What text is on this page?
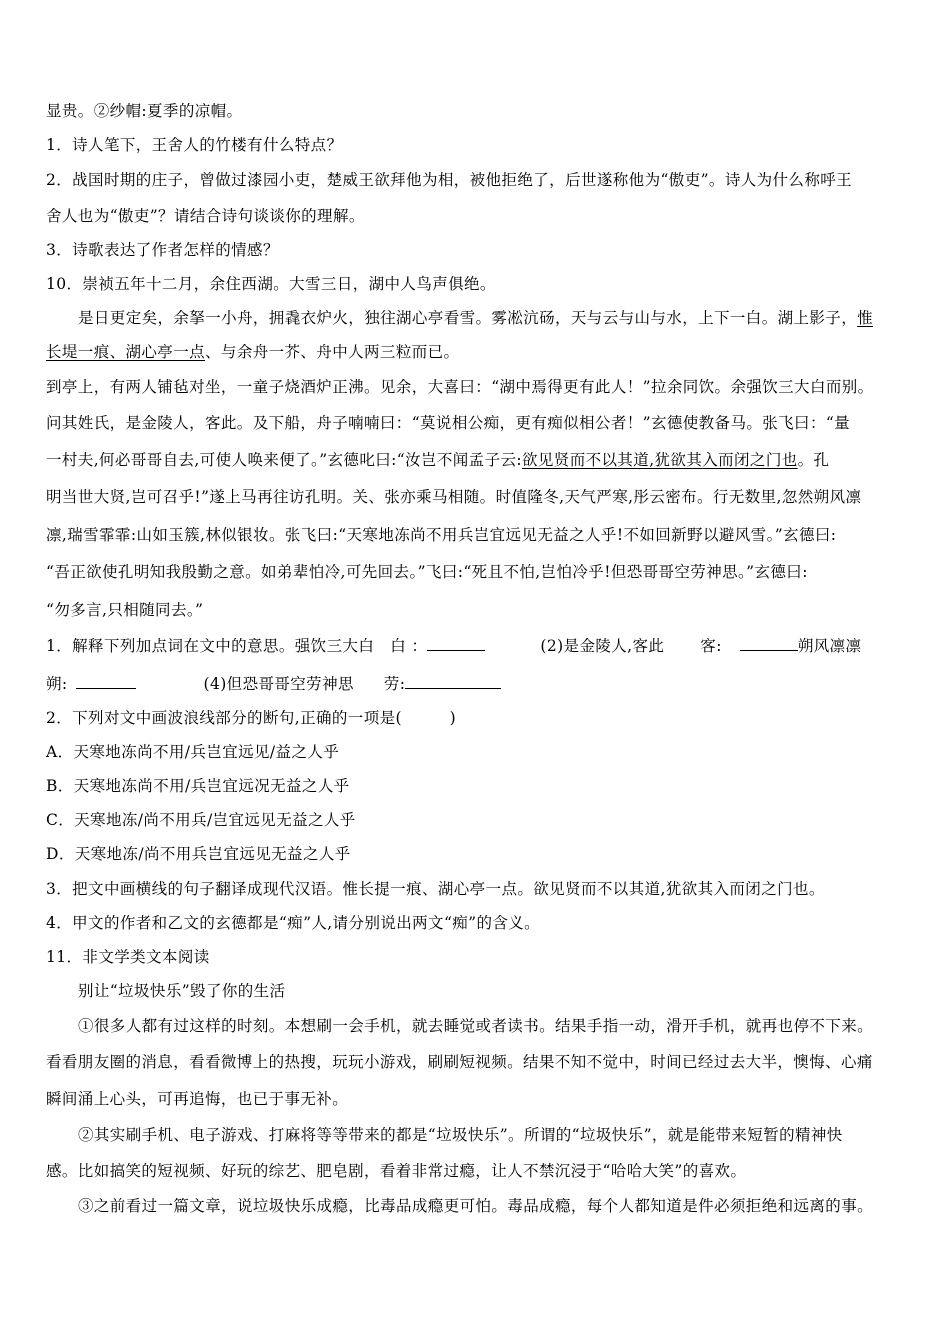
显贵。②纱帽:夏季的凉帽。
1．诗人笔下，王舍人的竹楼有什么特点？
2．战国时期的庄子，曾做过漆园小吏，楚威王欲拜他为相，被他拒绝了，后世遂称他为“傲吏”。诗人为什么称呼王
舍人也为“傲吏”？请结合诗句谈谈你的理解。
3．诗歌表达了作者怎样的情感？
10．崇祯五年十二月，余住西湖。大雪三日，湖中人鸟声俱绝。
是日更定矣，余拏一小舟，拥毳衣炉火，独往湖心亭看雪。雾凇沆砀，天与云与山与水，上下一白。湖上影子，惟
长堤一痕、湖心亭一点、与余舟一芥、舟中人两三粒而已。
到亭上，有两人铺毡对坐，一童子烧酒炉正沸。见余，大喜曰：“湖中焉得更有此人！”拉余同饮。余强饮三大白而别。
问其姓氏，是金陵人，客此。及下船，舟子喃喃曰：“莫说相公痴，更有痴似相公者！”玄德使教备马。张飞曰：“量
一村夫,何必哥哥自去,可使人唤来便了。”玄德叱曰:“汝岂不闻孟子云:欲见贤而不以其道,犹欲其入而闭之门也。孔
明当世大贤,岂可召乎!”遂上马再往访孔明。关、张亦乘马相随。时值隆冬,天气严寒,彤云密布。行无数里,忽然朔风凛
凛,瑞雪霏霏:山如玉簇,林似银妆。张飞曰:“天寒地冻尚不用兵岂宜远见无益之人乎!不如回新野以避风雪。”玄德曰:
“吾正欲使孔明知我殷勤之意。如弟辈怕冷,可先回去。”飞曰:“死且不怕,岂怕冷乎!但恐哥哥空劳神思。”玄德曰:
“勿多言,只相随同去。”
1．解释下列加点词在文中的意思。强饮三大白 白 ：	(2)是金陵人,客此 客:	朔风凛凛
朔:	(4)但恐哥哥空劳神思 劳:
2．下列对文中画波浪线部分的断句,正确的一项是(　　　)
A．天寒地冻尚不用/兵岂宜远见/益之人乎
B．天寒地冻尚不用/兵岂宜远况无益之人乎
C．天寒地冻/尚不用兵/岂宜远见无益之人乎
D．天寒地冻/尚不用兵岂宜远见无益之人乎
3．把文中画横线的句子翻译成现代汉语。惟长提一痕、湖心亭一点。欲见贤而不以其道,犹欲其入而闭之门也。
4．甲文的作者和乙文的玄德都是“痴”人,请分别说出两文“痴”的含义。
11．非文学类文本阅读
别让“垃圾快乐”毁了你的生活
①很多人都有过这样的时刻。本想刷一会手机，就去睡觉或者读书。结果手指一动，滑开手机，就再也停不下来。
看看朋友圈的消息，看看微博上的热搜，玩玩小游戏，刷刷短视频。结果不知不觉中，时间已经过去大半，懊悔、心痛
瞬间涌上心头，可再追悔，也已于事无补。
②其实刷手机、电子游戏、打麻将等等带来的都是“垃圾快乐”。所谓的“垃圾快乐”，就是能带来短暂的精神快
感。比如搞笑的短视频、好玩的综艺、肥皂剧，看着非常过瘾，让人不禁沉浸于“哈哈大笑”的喜欢。
③之前看过一篇文章，说垃圾快乐成瘾，比毒品成瘾更可怕。毒品成瘾，每个人都知道是件必须拒绝和远离的事。
